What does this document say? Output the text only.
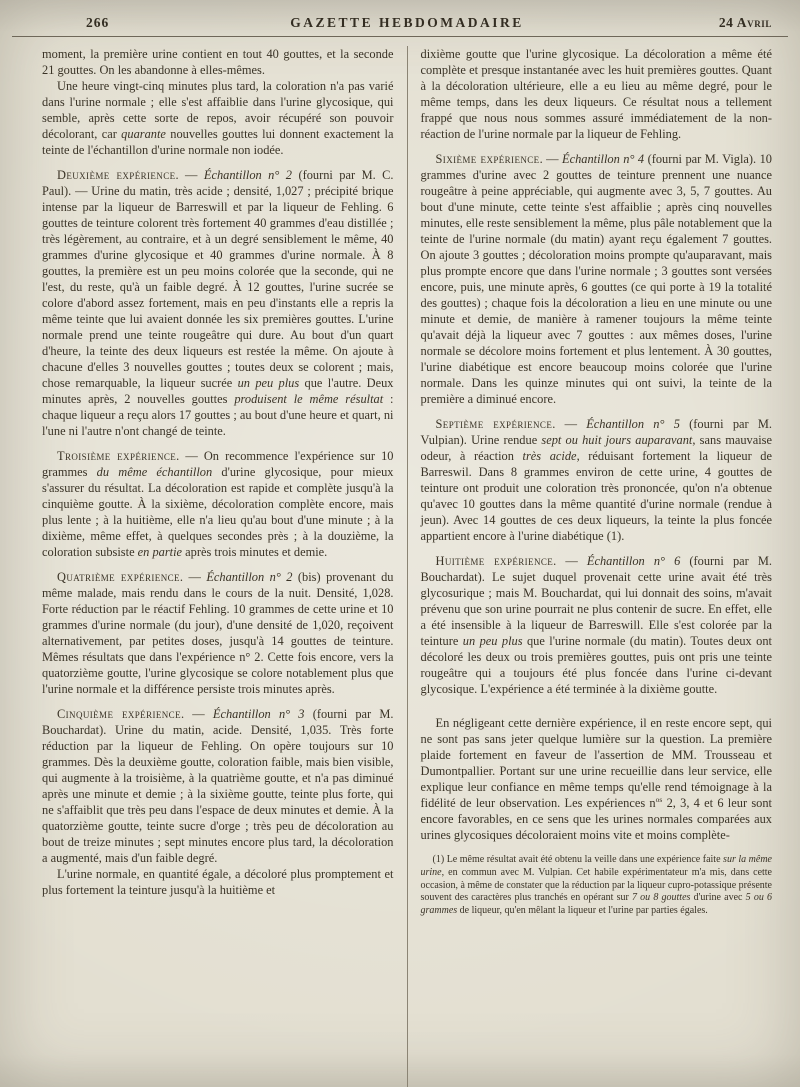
266	GAZETTE HEBDOMADAIRE	24 Avril

moment, la première urine contient en tout 40 gouttes, et la seconde 21 gouttes. On les abandonne à elles-mêmes.

Une heure vingt-cinq minutes plus tard, la coloration n'a pas varié dans l'urine normale ; elle s'est affaiblie dans l'urine glycosique, qui semble, après cette sorte de repos, avoir récupéré son pouvoir décolorant, car quarante nouvelles gouttes lui donnent exactement la teinte de l'échantillon d'urine normale non iodée.

Deuxième expérience. — Échantillon n° 2 (fourni par M. C. Paul). — Urine du matin, très acide ; densité, 1,027 ; précipité brique intense par la liqueur de Barreswill et par la liqueur de Fehling. 6 gouttes de teinture colorent très fortement 40 grammes d'eau distillée ; très légèrement, au contraire, et à un degré sensiblement le même, 40 grammes d'urine glycosique et 40 grammes d'urine normale. À 8 gouttes, la première est un peu moins colorée que la seconde, qui ne l'est, du reste, qu'à un faible degré. À 12 gouttes, l'urine sucrée se colore d'abord assez fortement, mais en peu d'instants elle a repris la même teinte que lui avaient donnée les six premières gouttes. L'urine normale prend une teinte rougeâtre qui dure. Au bout d'un quart d'heure, la teinte des deux liqueurs est restée la même. On ajoute à chacune d'elles 3 nouvelles gouttes ; toutes deux se colorent ; mais, chose remarquable, la liqueur sucrée un peu plus que l'autre. Deux minutes après, 2 nouvelles gouttes produisent le même résultat : chaque liqueur a reçu alors 17 gouttes ; au bout d'une heure et quart, ni l'une ni l'autre n'ont changé de teinte.

Troisième expérience. — On recommence l'expérience sur 10 grammes du même échantillon d'urine glycosique, pour mieux s'assurer du résultat. La décoloration est rapide et complète jusqu'à la cinquième goutte. À la sixième, décoloration complète encore, mais plus lente ; à la huitième, elle n'a lieu qu'au bout d'une minute ; à la dixième, même effet, à quelques secondes près ; à la douzième, la coloration subsiste en partie après trois minutes et demie.

Quatrième expérience. — Échantillon n° 2 (bis) provenant du même malade, mais rendu dans le cours de la nuit. Densité, 1,028. Forte réduction par le réactif Fehling. 10 grammes de cette urine et 10 grammes d'urine normale (du jour), d'une densité de 1,020, reçoivent alternativement, par petites doses, jusqu'à 14 gouttes de teinture. Mêmes résultats que dans l'expérience n° 2. Cette fois encore, vers la quatorzième goutte, l'urine glycosique se colore notablement plus que l'urine normale et la différence persiste trois minutes après.

Cinquième expérience. — Échantillon n° 3 (fourni par M. Bouchardat). Urine du matin, acide. Densité, 1,035. Très forte réduction par la liqueur de Fehling. On opère toujours sur 10 grammes. Dès la deuxième goutte, coloration faible, mais bien visible, qui augmente à la troisième, à la quatrième goutte, et n'a pas diminué après une minute et demie ; à la sixième goutte, teinte plus forte, qui ne s'affaiblit que très peu dans l'espace de deux minutes et demie. À la quatorzième goutte, teinte sucre d'orge ; très peu de décoloration au bout de treize minutes ; sept minutes encore plus tard, la décoloration a augmenté, mais d'un faible degré.

L'urine normale, en quantité égale, a décoloré plus promptement et plus fortement la teinture jusqu'à la huitième et

dixième goutte que l'urine glycosique. La décoloration a même été complète et presque instantanée avec les huit premières gouttes. Quant à la décoloration ultérieure, elle a eu lieu au même degré, pour le même temps, dans les deux liqueurs. Ce résultat nous a tellement frappé que nous nous sommes assuré immédiatement de la non-réaction de l'urine normale par la liqueur de Fehling.

Sixième expérience. — Échantillon n° 4 (fourni par M. Vigla). 10 grammes d'urine avec 2 gouttes de teinture prennent une nuance rougeâtre à peine appréciable, qui augmente avec 3, 5, 7 gouttes. Au bout d'une minute, cette teinte s'est affaiblie ; après cinq nouvelles minutes, elle reste sensiblement la même, plus pâle notablement que la teinte de l'urine normale (du matin) ayant reçu également 7 gouttes. On ajoute 3 gouttes ; décoloration moins prompte qu'auparavant, mais plus prompte encore que dans l'urine normale ; 3 gouttes sont versées encore, puis, une minute après, 6 gouttes (ce qui porte à 19 la totalité des gouttes) ; chaque fois la décoloration a lieu en une minute ou une minute et demie, de manière à ramener toujours la même teinte qu'avait déjà la liqueur avec 7 gouttes : aux mêmes doses, l'urine normale se décolore moins fortement et plus lentement. À 30 gouttes, l'urine diabétique est encore beaucoup moins colorée que l'urine normale. Dans les quinze minutes qui ont suivi, la teinte de la première a diminué encore.

Septième expérience. — Échantillon n° 5 (fourni par M. Vulpian). Urine rendue sept ou huit jours auparavant, sans mauvaise odeur, à réaction très acide, réduisant fortement la liqueur de Barreswil. Dans 8 grammes environ de cette urine, 4 gouttes de teinture ont produit une coloration très prononcée, qu'on n'a obtenue qu'avec 10 gouttes dans la même quantité d'urine normale (rendue à jeun). Avec 14 gouttes de ces deux liqueurs, la teinte la plus foncée appartient encore à l'urine diabétique (1).

Huitième expérience. — Échantillon n° 6 (fourni par M. Bouchardat). Le sujet duquel provenait cette urine avait été très glycosurique ; mais M. Bouchardat, qui lui donnait des soins, m'avait prévenu que son urine pourrait ne plus contenir de sucre. En effet, elle a été insensible à la liqueur de Barreswill. Elle s'est colorée par la teinture un peu plus que l'urine normale (du matin). Toutes deux ont décoloré les deux ou trois premières gouttes, puis ont pris une teinte rougeâtre qui a toujours été plus foncée dans l'urine ci-devant glycosique. L'expérience a été terminée à la dixième goutte.

En négligeant cette dernière expérience, il en reste encore sept, qui ne sont pas sans jeter quelque lumière sur la question. La première plaide fortement en faveur de l'assertion de MM. Trousseau et Dumontpallier. Portant sur une urine recueillie dans leur service, elle explique leur confiance en même temps qu'elle rend témoignage à la fidélité de leur observation. Les expériences $n^{os}$ 2, 3, 4 et 6 leur sont encore favorables, en ce sens que les urines normales comparées aux urines glycosiques décoloraient moins vite et moins complète-

(1) Le même résultat avait été obtenu la veille dans une expérience faite sur la même urine, en commun avec M. Vulpian. Cet habile expérimentateur m'a mis, dans cette occasion, à même de constater que la réduction par la liqueur cupro-potassique présente souvent des caractères plus tranchés en opérant sur 7 ou 8 gouttes d'urine avec 5 ou 6 grammes de liqueur, qu'en mêlant la liqueur et l'urine par parties égales.
